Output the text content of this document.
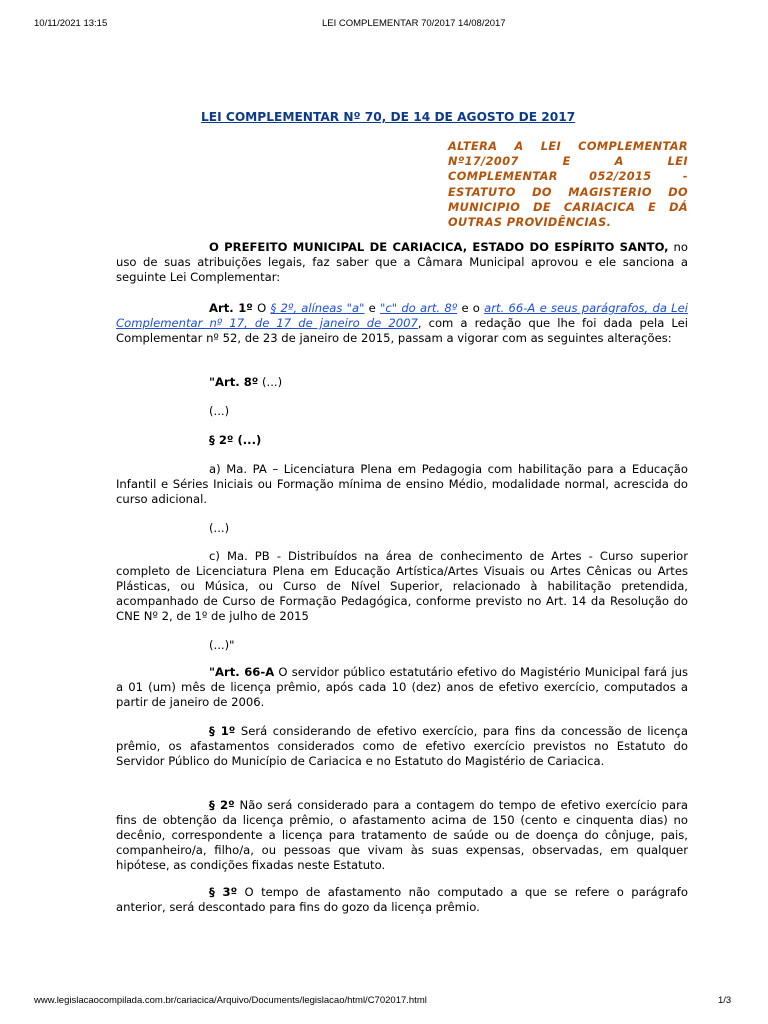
10/11/2021 13:15	LEI COMPLEMENTAR 70/2017 14/08/2017
LEI COMPLEMENTAR Nº 70, DE 14 DE AGOSTO DE 2017
ALTERA A LEI COMPLEMENTAR
Nº17/2007 E A LEI
COMPLEMENTAR 052/2015 -
ESTATUTO DO MAGISTERIO DO
MUNICIPIO DE CARIACICA E DÁ
OUTRAS PROVIDÊNCIAS.

O PREFEITO MUNICIPAL DE CARIACICA, ESTADO DO ESPÍRITO SANTO, no uso de suas atribuições legais, faz saber que a Câmara Municipal aprovou e ele sanciona a seguinte Lei Complementar:

Art. 1º O § 2º, alíneas "a" e "c" do art. 8º e o art. 66-A e seus parágrafos, da Lei Complementar nº 17, de 17 de janeiro de 2007, com a redação que lhe foi dada pela Lei Complementar nº 52, de 23 de janeiro de 2015, passam a vigorar com as seguintes alterações:

"Art. 8º (...)

(...)

§ 2º (...)

a) Ma. PA – Licenciatura Plena em Pedagogia com habilitação para a Educação Infantil e Séries Iniciais ou Formação mínima de ensino Médio, modalidade normal, acrescida do curso adicional.

(...)

c) Ma. PB - Distribuídos na área de conhecimento de Artes - Curso superior completo de Licenciatura Plena em Educação Artística/Artes Visuais ou Artes Cênicas ou Artes Plásticas, ou Música, ou Curso de Nível Superior, relacionado à habilitação pretendida, acompanhado de Curso de Formação Pedagógica, conforme previsto no Art. 14 da Resolução do CNE Nº 2, de 1º de julho de 2015

(...)"

"Art. 66-A O servidor público estatutário efetivo do Magistério Municipal fará jus a 01 (um) mês de licença prêmio, após cada 10 (dez) anos de efetivo exercício, computados a partir de janeiro de 2006.

§ 1º Será considerando de efetivo exercício, para fins da concessão de licença prêmio, os afastamentos considerados como de efetivo exercício previstos no Estatuto do Servidor Público do Município de Cariacica e no Estatuto do Magistério de Cariacica.

§ 2º Não será considerado para a contagem do tempo de efetivo exercício para fins de obtenção da licença prêmio, o afastamento acima de 150 (cento e cinquenta dias) no decênio, correspondente a licença para tratamento de saúde ou de doença do cônjuge, pais, companheiro/a, filho/a, ou pessoas que vivam às suas expensas, observadas, em qualquer hipótese, as condições fixadas neste Estatuto.

§ 3º O tempo de afastamento não computado a que se refere o parágrafo anterior, será descontado para fins do gozo da licença prêmio.

www.legislacaocompilada.com.br/cariacica/Arquivo/Documents/legislacao/html/C702017.html	1/3
